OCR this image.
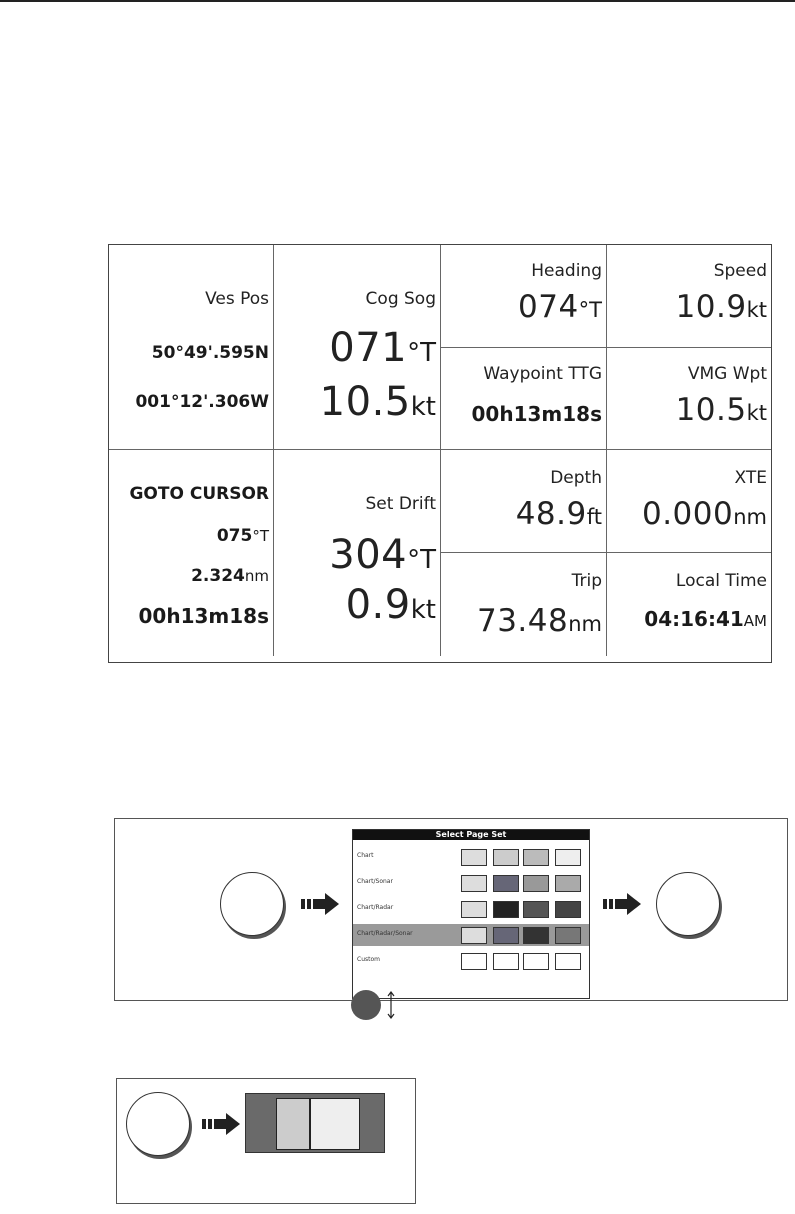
Ves Pos
50°49'.595N
001°12'.306W
Cog Sog
071°T
10.5kt
Heading
074°T
Speed
10.9kt
Waypoint TTG
00h13m18s
VMG Wpt
10.5kt
GOTO CURSOR
075°T
2.324nm
00h13m18s
Set Drift
304°T
0.9kt
Depth
48.9ft
XTE
0.000nm
Trip
73.48nm
Local Time
04:16:41AM
Select Page Set
Chart
Chart/Sonar
Chart/Radar
Chart/Radar/Sonar
Custom
